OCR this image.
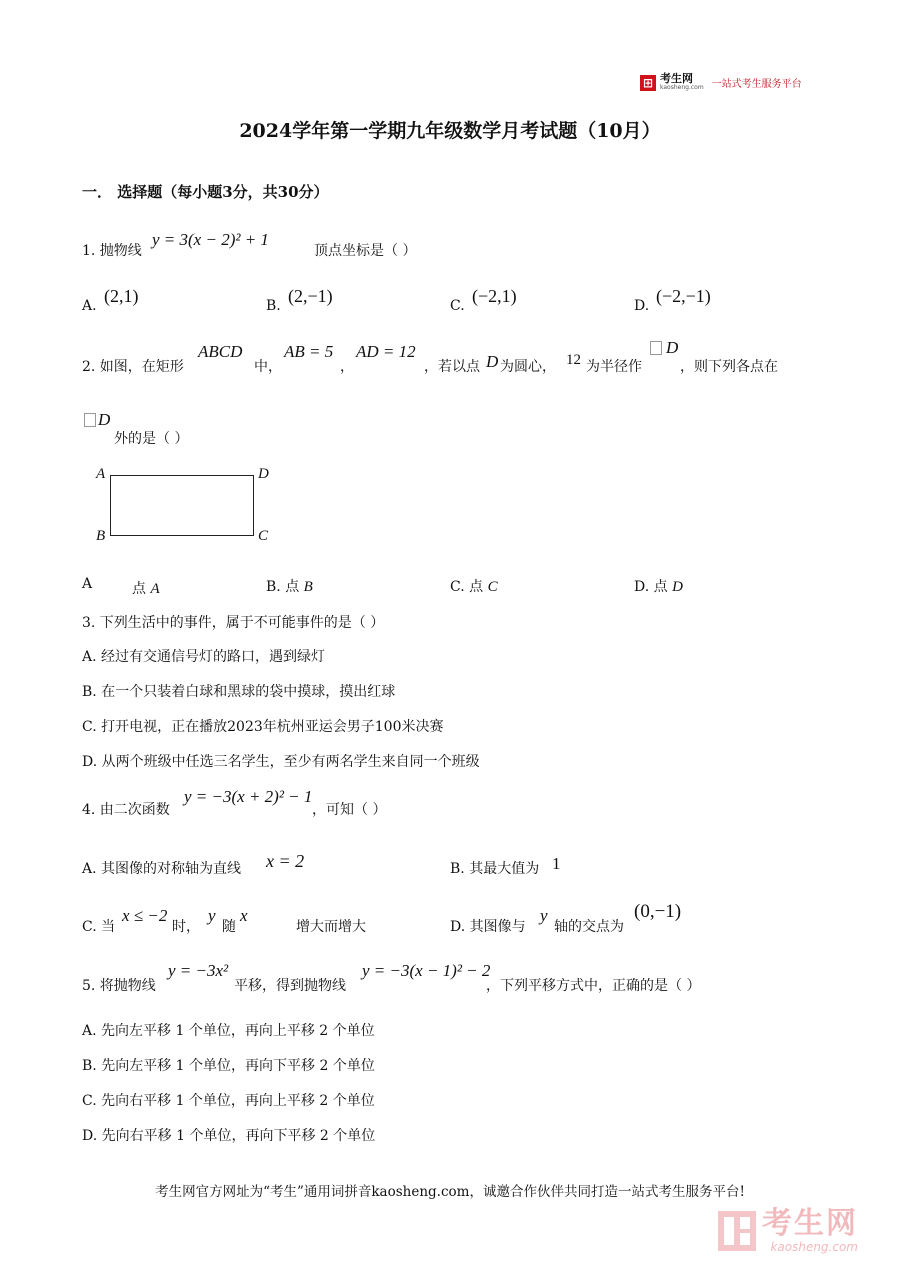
⊞ 考生网
kaosheng.com 一站式考生服务平台
2024学年第一学期九年级数学月考试题（10月）
一． 选择题（每小题3分，共30分）
1. 抛物线
y = 3(x − 2)² + 1
顶点坐标是（ ）
A. (2,1)	B. (2,−1)	C. (−2,1)	D. (−2,−1)
2. 如图，在矩形
ABCD
中，
AB = 5
，
AD = 12
，若以点 D 为圆心， 12 为半径作
D
，则下列各点在
D
外的是（ ）
A	D
B	C
A	点 A	B. 点 B	C. 点 C	D. 点 D
3. 下列生活中的事件，属于不可能事件的是（ ）
A. 经过有交通信号灯的路口，遇到绿灯
B. 在一个只装着白球和黑球的袋中摸球，摸出红球
C. 打开电视，正在播放2023年杭州亚运会男子100米决赛
D. 从两个班级中任选三名学生，至少有两名学生来自同一个班级
4. 由二次函数
y = −3(x + 2)² − 1
，可知（ ）
A. 其图像的对称轴为直线 x = 2	B. 其最大值为 1
C. 当
x ≤ −2
时，
y
随
x
增大而增大	D. 其图像与
y
轴的交点为
(0,−1)
5. 将抛物线
y = −3x²
平移，得到抛物线
y = −3(x − 1)² − 2
，下列平移方式中，正确的是（ ）
A. 先向左平移 1 个单位，再向上平移 2 个单位
B. 先向左平移 1 个单位，再向下平移 2 个单位
C. 先向右平移 1 个单位，再向上平移 2 个单位
D. 先向右平移 1 个单位，再向下平移 2 个单位
考生网官方网址为“考生”通用词拼音kaosheng.com，诚邀合作伙伴共同打造一站式考生服务平台!
考生网
kaosheng.com
